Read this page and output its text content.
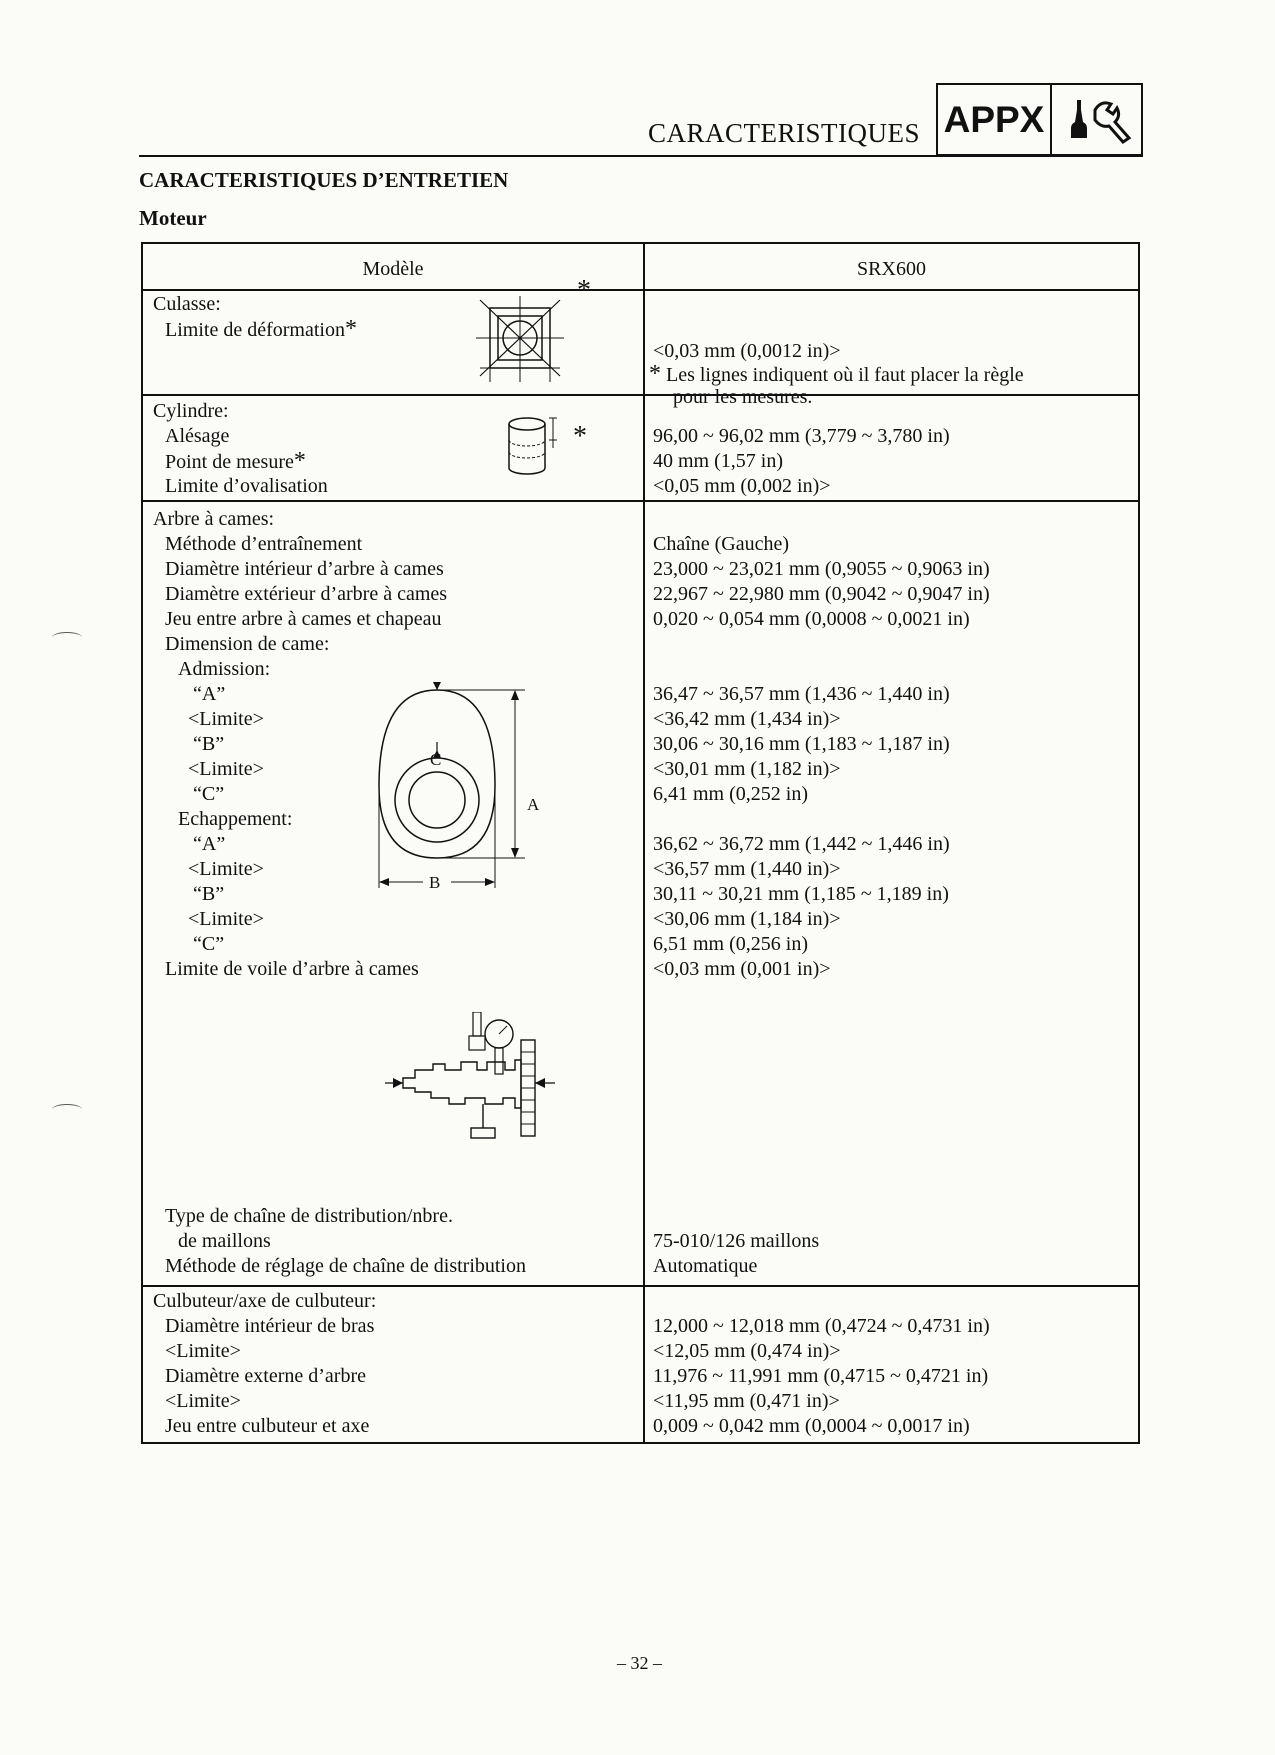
CARACTERISTIQUES APPX
CARACTERISTIQUES D’ENTRETIEN
Moteur
Modèle	SRX600
Culasse:
Limite de déformation*
*
<0,03 mm (0,0012 in)>
* Les lignes indiquent où il faut placer la règle
pour les mesures.
Cylindre:
Alésage
Point de mesure*
Limite d’ovalisation
*	96,00 ~ 96,02 mm (3,779 ~ 3,780 in)
40 mm (1,57 in)
<0,05 mm (0,002 in)>
Arbre à cames:
Méthode d’entraînement
Diamètre intérieur d’arbre à cames
Diamètre extérieur d’arbre à cames
Jeu entre arbre à cames et chapeau
Dimension de came:
Admission:
“A”
<Limite>
“B”
<Limite>
“C”
Echappement:
“A”
<Limite>
“B”
<Limite>
“C”
Limite de voile d’arbre à cames
C
A
B
Chaîne (Gauche)
23,000 ~ 23,021 mm (0,9055 ~ 0,9063 in)
22,967 ~ 22,980 mm (0,9042 ~ 0,9047 in)
0,020 ~ 0,054 mm (0,0008 ~ 0,0021 in)
36,47 ~ 36,57 mm (1,436 ~ 1,440 in)
<36,42 mm (1,434 in)>
30,06 ~ 30,16 mm (1,183 ~ 1,187 in)
<30,01 mm (1,182 in)>
6,41 mm (0,252 in)
36,62 ~ 36,72 mm (1,442 ~ 1,446 in)
<36,57 mm (1,440 in)>
30,11 ~ 30,21 mm (1,185 ~ 1,189 in)
<30,06 mm (1,184 in)>
6,51 mm (0,256 in)
<0,03 mm (0,001 in)>
Type de chaîne de distribution/nbre.
de maillons
Méthode de réglage de chaîne de distribution
75-010/126 maillons
Automatique
Culbuteur/axe de culbuteur:
Diamètre intérieur de bras
<Limite>
Diamètre externe d’arbre
<Limite>
Jeu entre culbuteur et axe
12,000 ~ 12,018 mm (0,4724 ~ 0,4731 in)
<12,05 mm (0,474 in)>
11,976 ~ 11,991 mm (0,4715 ~ 0,4721 in)
<11,95 mm (0,471 in)>
0,009 ~ 0,042 mm (0,0004 ~ 0,0017 in)
– 32 –
